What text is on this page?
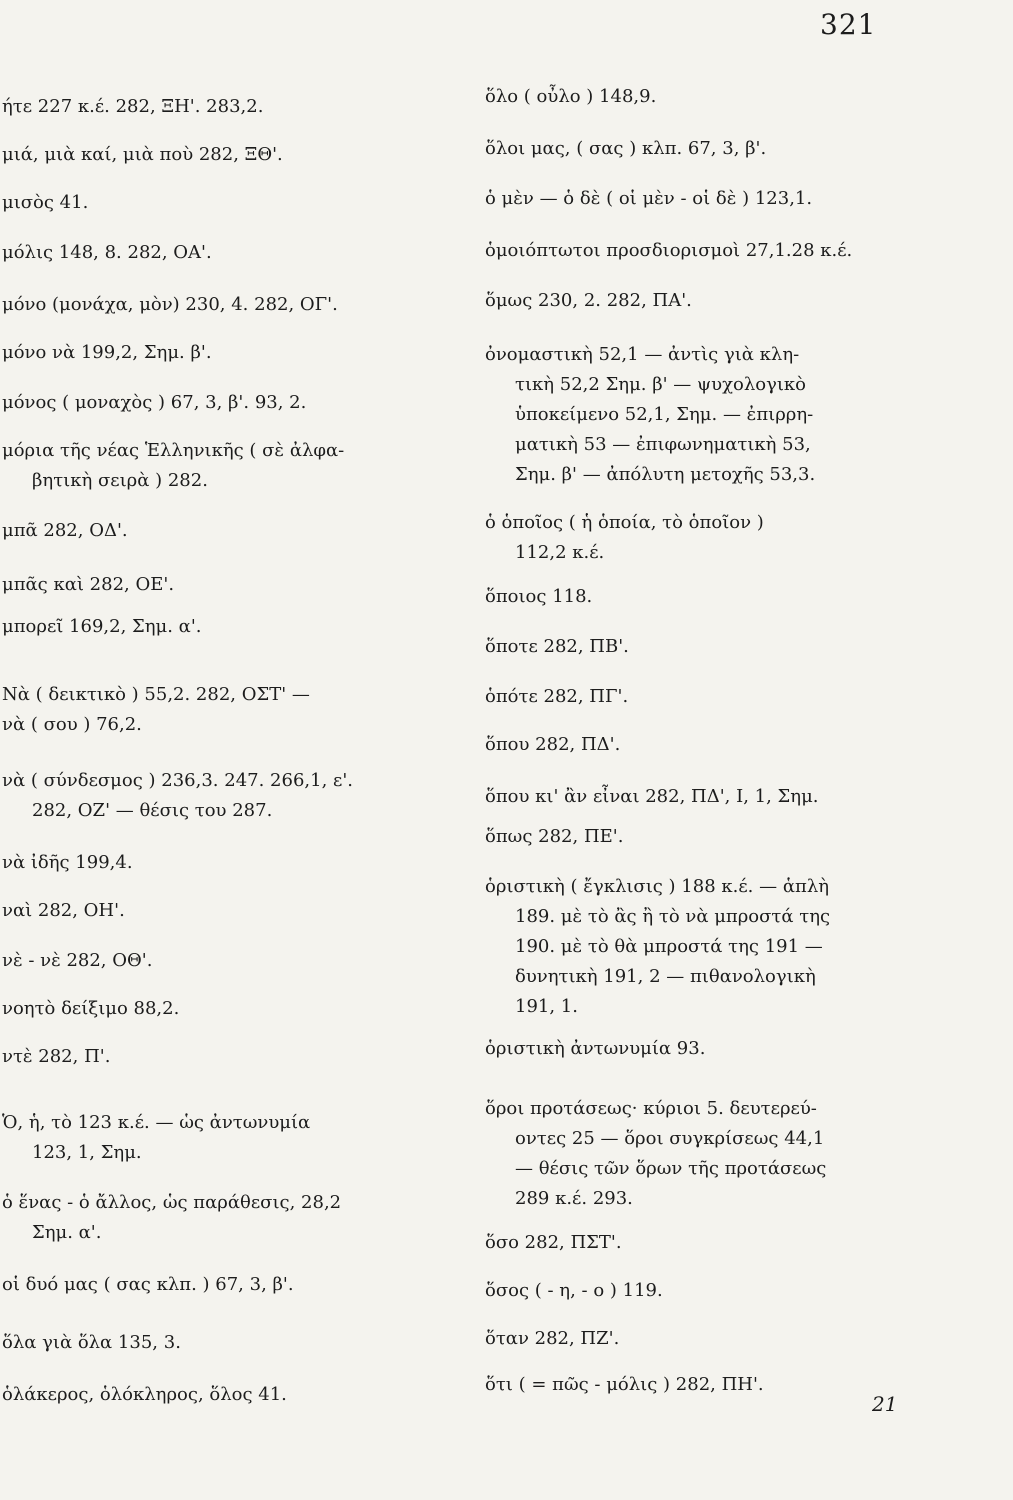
321
ήτε 227 κ.έ. 282, ΞΗ'. 283,2.
μιά, μιὰ καί, μιὰ ποὺ 282, ΞΘ'.
μισὸς 41.
μόλις 148, 8. 282, ΟΑ'.
μόνο (μονάχα, μὸν) 230, 4. 282, ΟΓ'.
μόνο νὰ 199,2, Σημ. β'.
μόνος ( μοναχὸς ) 67, 3, β'. 93, 2.
μόρια τῆς νέας Ἑλληνικῆς ( σὲ ἀλφα-
βητικὴ σειρὰ ) 282.
μπᾶ 282, ΟΔ'.
μπᾶς καὶ 282, ΟΕ'.
μπορεῖ 169,2, Σημ. α'.
Νὰ ( δεικτικὸ ) 55,2. 282, ΟΣΤ' —
νὰ ( σου ) 76,2.
νὰ ( σύνδεσμος ) 236,3. 247. 266,1, ε'.
282, ΟΖ' — θέσις του 287.
νὰ ἰδῆς 199,4.
ναὶ 282, ΟΗ'.
νὲ - νὲ 282, ΟΘ'.
νοητὸ δείξιμο 88,2.
ντὲ 282, Π'.
Ὁ, ἡ, τὸ 123 κ.έ. — ὡς ἀντωνυμία
123, 1, Σημ.
ὁ ἕνας - ὁ ἄλλος, ὡς παράθεσις, 28,2
Σημ. α'.
οἱ δυό μας ( σας κλπ. ) 67, 3, β'.
ὅλα γιὰ ὅλα 135, 3.
ὁλάκερος, ὁλόκληρος, ὅλος 41.
ὅλο ( οὖλο ) 148,9.
ὅλοι μας, ( σας ) κλπ. 67, 3, β'.
ὁ μὲν — ὁ δὲ ( οἱ μὲν - οἱ δὲ ) 123,1.
ὁμοιόπτωτοι προσδιορισμοὶ 27,1.28 κ.έ.
ὅμως 230, 2. 282, ΠΑ'.
ὀνομαστικὴ 52,1 — ἀντὶς γιὰ κλη-
τικὴ 52,2 Σημ. β' — ψυχολογικὸ
ὑποκείμενο 52,1, Σημ. — ἐπιρρη-
ματικὴ 53 — ἐπιφωνηματικὴ 53,
Σημ. β' — ἀπόλυτη μετοχῆς 53,3.
ὁ ὁποῖος ( ἡ ὁποία, τὸ ὁποῖον )
112,2 κ.έ.
ὅποιος 118.
ὅποτε 282, ΠΒ'.
ὁπότε 282, ΠΓ'.
ὅπου 282, ΠΔ'.
ὅπου κι' ἂν εἶναι 282, ΠΔ', Ι, 1, Σημ.
ὅπως 282, ΠΕ'.
ὁριστικὴ ( ἔγκλισις ) 188 κ.έ. — ἁπλὴ
189. μὲ τὸ ἂς ἢ τὸ νὰ μπροστά της
190. μὲ τὸ θὰ μπροστά της 191 —
δυνητικὴ 191, 2 — πιθανολογικὴ
191, 1.
ὁριστικὴ ἀντωνυμία 93.
ὅροι προτάσεως· κύριοι 5. δευτερεύ-
οντες 25 — ὅροι συγκρίσεως 44,1
— θέσις τῶν ὅρων τῆς προτάσεως
289 κ.έ. 293.
ὅσο 282, ΠΣΤ'.
ὅσος ( - η, - ο ) 119.
ὅταν 282, ΠΖ'.
ὅτι ( = πῶς - μόλις ) 282, ΠΗ'.
21
